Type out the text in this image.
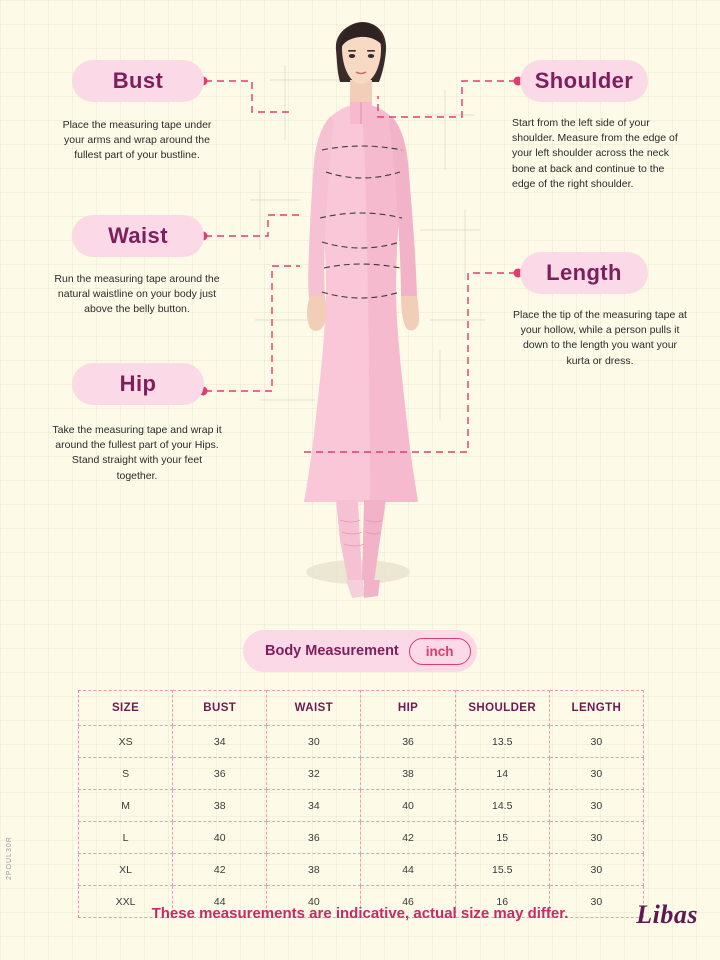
Bust
Place the measuring tape under your arms and wrap around the fullest part of your bustline.
Waist
Run the measuring tape around the natural waistline on your body just above the belly button.
Hip
Take the measuring tape and wrap it around the fullest part of your Hips. Stand straight with your feet together.
Shoulder
Start from the left side of your shoulder. Measure from the edge of your left shoulder across the neck bone at back and continue to the edge of the right shoulder.
Length
Place the tip of the measuring tape at your hollow, while a person pulls it down to the length you want your kurta or dress.
Body Measurement	inch
SIZE	BUST	WAIST	HIP	SHOULDER	LENGTH
XS	34	30	36	13.5	30
S	36	32	38	14	30
M	38	34	40	14.5	30
L	40	36	42	15	30
XL	42	38	44	15.5	30
XXL	44	40	46	16	30
These measurements are indicative, actual size may differ.	Libas
2POUL30R
